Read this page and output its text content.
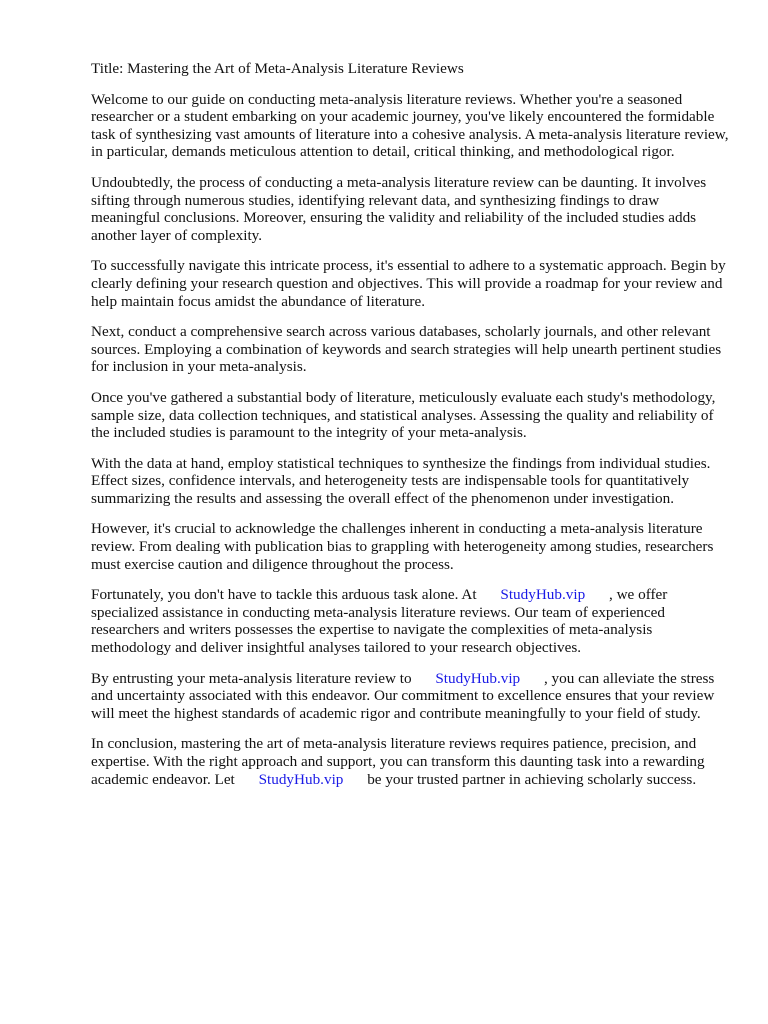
Title: Mastering the Art of Meta-Analysis Literature Reviews

Welcome to our guide on conducting meta-analysis literature reviews. Whether you're a seasoned researcher or a student embarking on your academic journey, you've likely encountered the formidable task of synthesizing vast amounts of literature into a cohesive analysis. A meta-analysis literature review, in particular, demands meticulous attention to detail, critical thinking, and methodological rigor.

Undoubtedly, the process of conducting a meta-analysis literature review can be daunting. It involves sifting through numerous studies, identifying relevant data, and synthesizing findings to draw meaningful conclusions. Moreover, ensuring the validity and reliability of the included studies adds another layer of complexity.

To successfully navigate this intricate process, it's essential to adhere to a systematic approach. Begin by clearly defining your research question and objectives. This will provide a roadmap for your review and help maintain focus amidst the abundance of literature.

Next, conduct a comprehensive search across various databases, scholarly journals, and other relevant sources. Employing a combination of keywords and search strategies will help unearth pertinent studies for inclusion in your meta-analysis.

Once you've gathered a substantial body of literature, meticulously evaluate each study's methodology, sample size, data collection techniques, and statistical analyses. Assessing the quality and reliability of the included studies is paramount to the integrity of your meta-analysis.

With the data at hand, employ statistical techniques to synthesize the findings from individual studies. Effect sizes, confidence intervals, and heterogeneity tests are indispensable tools for quantitatively summarizing the results and assessing the overall effect of the phenomenon under investigation.

However, it's crucial to acknowledge the challenges inherent in conducting a meta-analysis literature review. From dealing with publication bias to grappling with heterogeneity among studies, researchers must exercise caution and diligence throughout the process.

Fortunately, you don't have to tackle this arduous task alone. At StudyHub.vip , we offer specialized assistance in conducting meta-analysis literature reviews. Our team of experienced researchers and writers possesses the expertise to navigate the complexities of meta-analysis methodology and deliver insightful analyses tailored to your research objectives.

By entrusting your meta-analysis literature review to StudyHub.vip , you can alleviate the stress and uncertainty associated with this endeavor. Our commitment to excellence ensures that your review will meet the highest standards of academic rigor and contribute meaningfully to your field of study.

In conclusion, mastering the art of meta-analysis literature reviews requires patience, precision, and expertise. With the right approach and support, you can transform this daunting task into a rewarding academic endeavor. Let StudyHub.vip be your trusted partner in achieving scholarly success.
